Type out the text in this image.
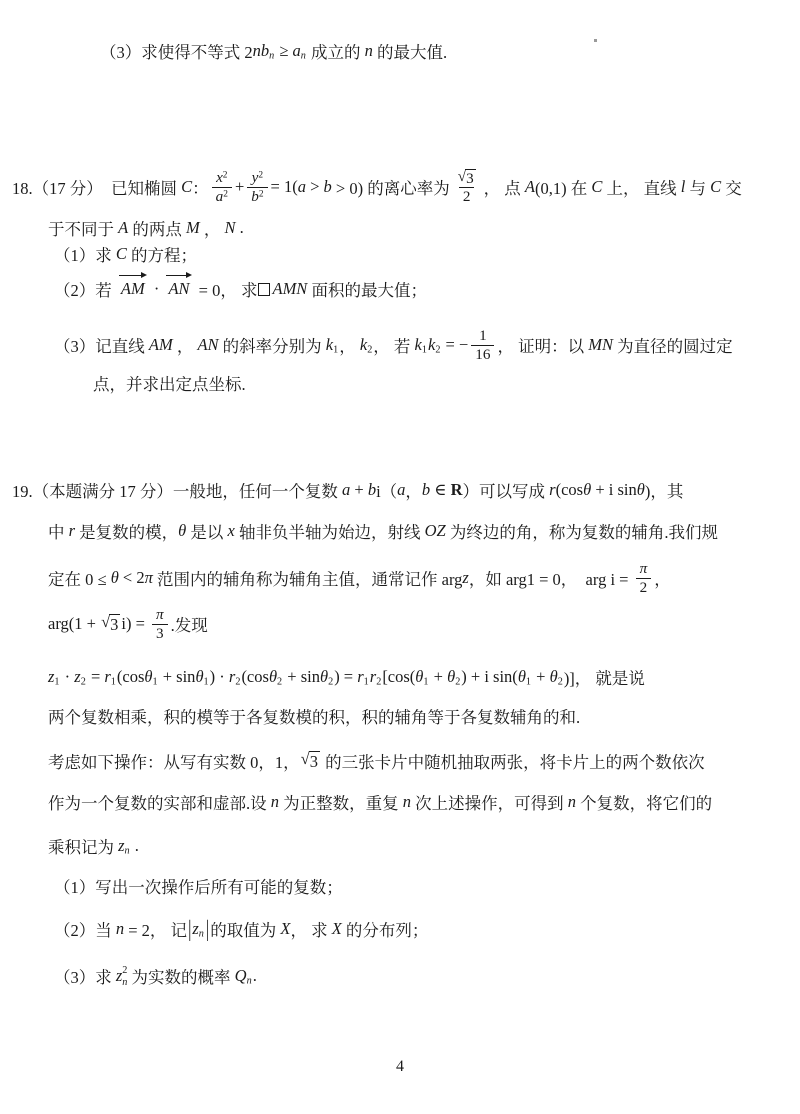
（3）求使得不等式 2 nb n ≥ a n 成立的 n 的最大值.
18.（17 分）  已知椭圆 C ： $\frac{x2}{a2} + \frac{y2}{b2} = 1$( a > b > 0) 的离心率为 $\frac{√ 3}{2}$ ， 点 A (0,1) 在 C 上， 直线 l 与 C 交
于不同于 A 的两点 M ， N .
（1）求 C 的方程；
（2）若 AM · AN = 0， 求 AMN 面积的最大值；
（3）记直线 AM ， AN 的斜率分别为 k 1 ， k 2 ， 若 k 1 k 2 = − $\frac{1}{16}$ ， 证明：以 MN 为直径的圆过定
点，并求出定点坐标.
19.（本题满分 17 分）一般地，任何一个复数 a + b i（ a ， b ∈ R ）可以写成 r (cos θ + i sin θ )，其
中 r 是复数的模， θ 是以 x 轴非负半轴为始边，射线 OZ 为终边的角，称为复数的辅角.我们规
定在 0 ≤ θ < 2 π 范围内的辅角称为辅角主值，通常记作 arg z ，如 arg1 = 0，  arg $i = \frac{\pi}{2}$ ，
arg(1 + √ 3 $i) = \frac{\pi}{3}$ .发现
z 1 · z 2 = r 1 (cos θ 1 + sin θ 1 ) · r 2 (cos θ 2 + sin θ 2 ) = r 1 r 2 [cos( θ 1 + θ 2 ) + i sin( θ 1 + θ 2 )]， 就是说
两个复数相乘，积的模等于各复数模的积，积的辅角等于各复数辅角的和.
考虑如下操作：从写有实数 0，1， √ 3 的三张卡片中随机抽取两张，将卡片上的两个数依次
作为一个复数的实部和虚部.设 n 为正整数，重复 n 次上述操作，可得到 n 个复数，将它们的
乘积记为 z n .
（1）写出一次操作后所有可能的复数；
（2）当 n = 2， 记 | z n | 的取值为 X ， 求 X 的分布列；
（3）求 z 2
n 为实数的概率 Q n .
4
